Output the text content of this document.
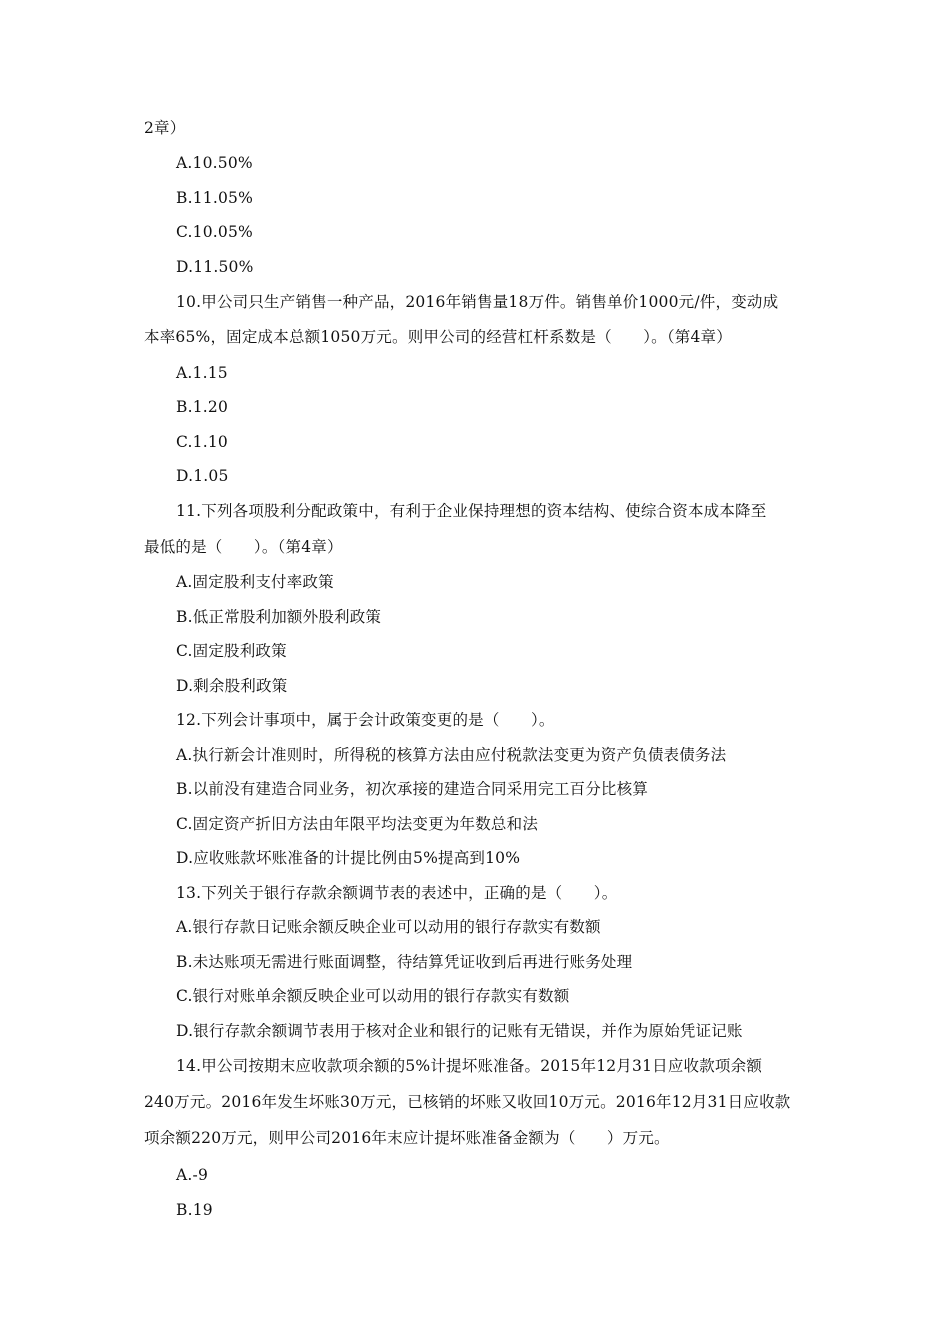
2章）
A.10.50%
B.11.05%
C.10.05%
D.11.50%
10.甲公司只生产销售一种产品，2016年销售量18万件。销售单价1000元/件，变动成
本率65%，固定成本总额1050万元。则甲公司的经营杠杆系数是（　　）。（第4章）
A.1.15
B.1.20
C.1.10
D.1.05
11.下列各项股利分配政策中，有利于企业保持理想的资本结构、使综合资本成本降至
最低的是（　　）。（第4章）
A.固定股利支付率政策
B.低正常股利加额外股利政策
C.固定股利政策
D.剩余股利政策
12.下列会计事项中，属于会计政策变更的是（　　）。
A.执行新会计准则时，所得税的核算方法由应付税款法变更为资产负债表债务法
B.以前没有建造合同业务，初次承接的建造合同采用完工百分比核算
C.固定资产折旧方法由年限平均法变更为年数总和法
D.应收账款坏账准备的计提比例由5%提高到10%
13.下列关于银行存款余额调节表的表述中，正确的是（　　）。
A.银行存款日记账余额反映企业可以动用的银行存款实有数额
B.未达账项无需进行账面调整，待结算凭证收到后再进行账务处理
C.银行对账单余额反映企业可以动用的银行存款实有数额
D.银行存款余额调节表用于核对企业和银行的记账有无错误，并作为原始凭证记账
14.甲公司按期末应收款项余额的5%计提坏账准备。2015年12月31日应收款项余额
240万元。2016年发生坏账30万元，已核销的坏账又收回10万元。2016年12月31日应收款
项余额220万元，则甲公司2016年末应计提坏账准备金额为（　　）万元。
A.-9
B.19
